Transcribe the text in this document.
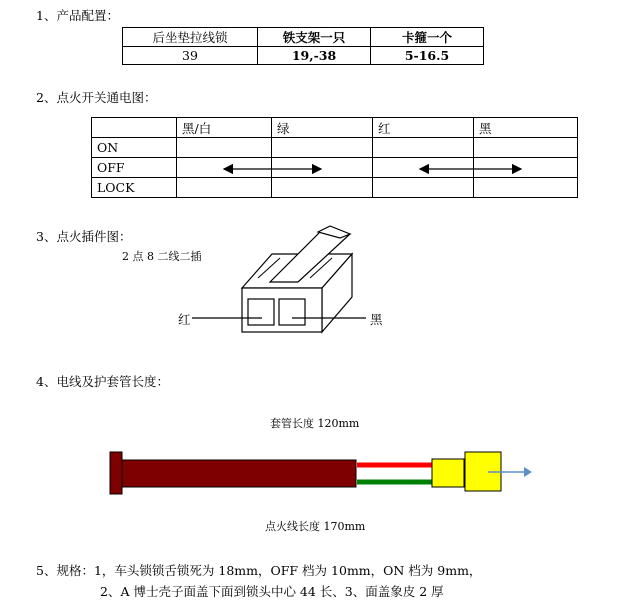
1、产品配置：
后坐垫拉线锁	铁支架一只	卡箍一个
39	19,-38	5-16.5
2、点火开关通电图：
	黑/白	绿	红	黑
ON				
OFF				
LOCK				
3、点火插件图：
2 点 8 二线二插
红	黑
4、电线及护套管长度：
套管长度 120mm
点火线长度 170mm
5、规格：1，车头锁锁舌锁死为 18mm，OFF 档为 10mm，ON 档为 9mm，
2、A 博士壳子面盖下面到锁头中心 44 长、3、面盖象皮 2 厚
